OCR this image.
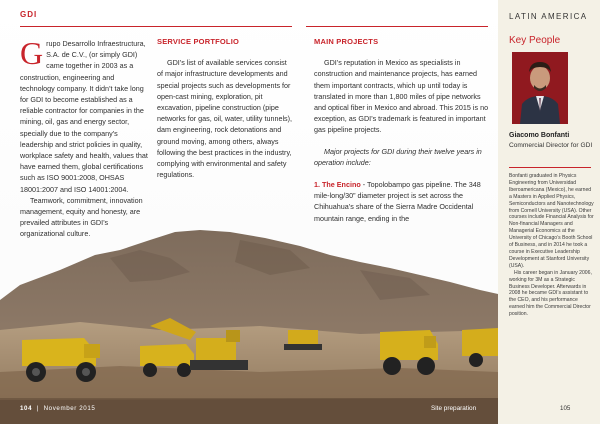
GDI
G rupo Desarrollo Infraestructura, S.A. de C.V., (or simply GDI) came together in 2003 as a construction, engineering and technology company. It didn’t take long for GDI to become established as a reliable contractor for companies in the mining, oil, gas and energy sector, specially due to the company’s leadership and strict policies in quality, workplace safety and health, values that have earned them, global certifications such as ISO 9001:2008, OHSAS 18001:2007 and ISO 14001:2004.

Teamwork, commitment, innovation management, equity and honesty, are prevailed attributes in GDI’s organizational culture.

SERVICE PORTFOLIO

GDI’s list of available services consist of major infrastructure developments and special projects such as developments for open-cast mining, exploration, pit excavation, pipeline construction (pipe networks for gas, oil, water, utility tunnels), dam engineering, rock detonations and ground moving, among others, always following the best practices in the industry, complying with environmental and safety regulations.

MAIN PROJECTS

GDI’s reputation in Mexico as specialists in construction and maintenance projects, has earned them important contracts, which up until today is translated in more than 1,800 miles of pipe networks and optical fiber in Mexico and abroad. This 2015 is no exception, as GDI’s trademark is featured in important gas pipeline projects.

Major projects for GDI during their twelve years in operation include:

1. The Encino - Topolobampo gas pipeline. The 348 mile-long/30” diameter project is set across the Chihuahua’s share of the Sierra Madre Occidental mountain range, ending in the

LATIN AMERICA
Key People
Giacomo Bonfanti
Commercial Director for GDI

Bonfanti graduated in Physics Engineering from Universidad Iberoamericana (Mexico), he earned a Masters in Applied Physics, Semiconductors and Nanotechnology from Cornell University (USA). Other courses include Financial Analysis for Non-financial Managers and Managerial Economics at the University of Chicago’s Booth School of Business, and in 2014 he took a course in Executive Leadership Development at Stanford University (USA).

His career began in January 2006, working for 3M as a Strategic Business Developer. Afterwards in 2008 he became GDI’s assistant to the CEO, and his performance earned him the Commercial Director position.

104  |  November 2015	Site preparation	105
